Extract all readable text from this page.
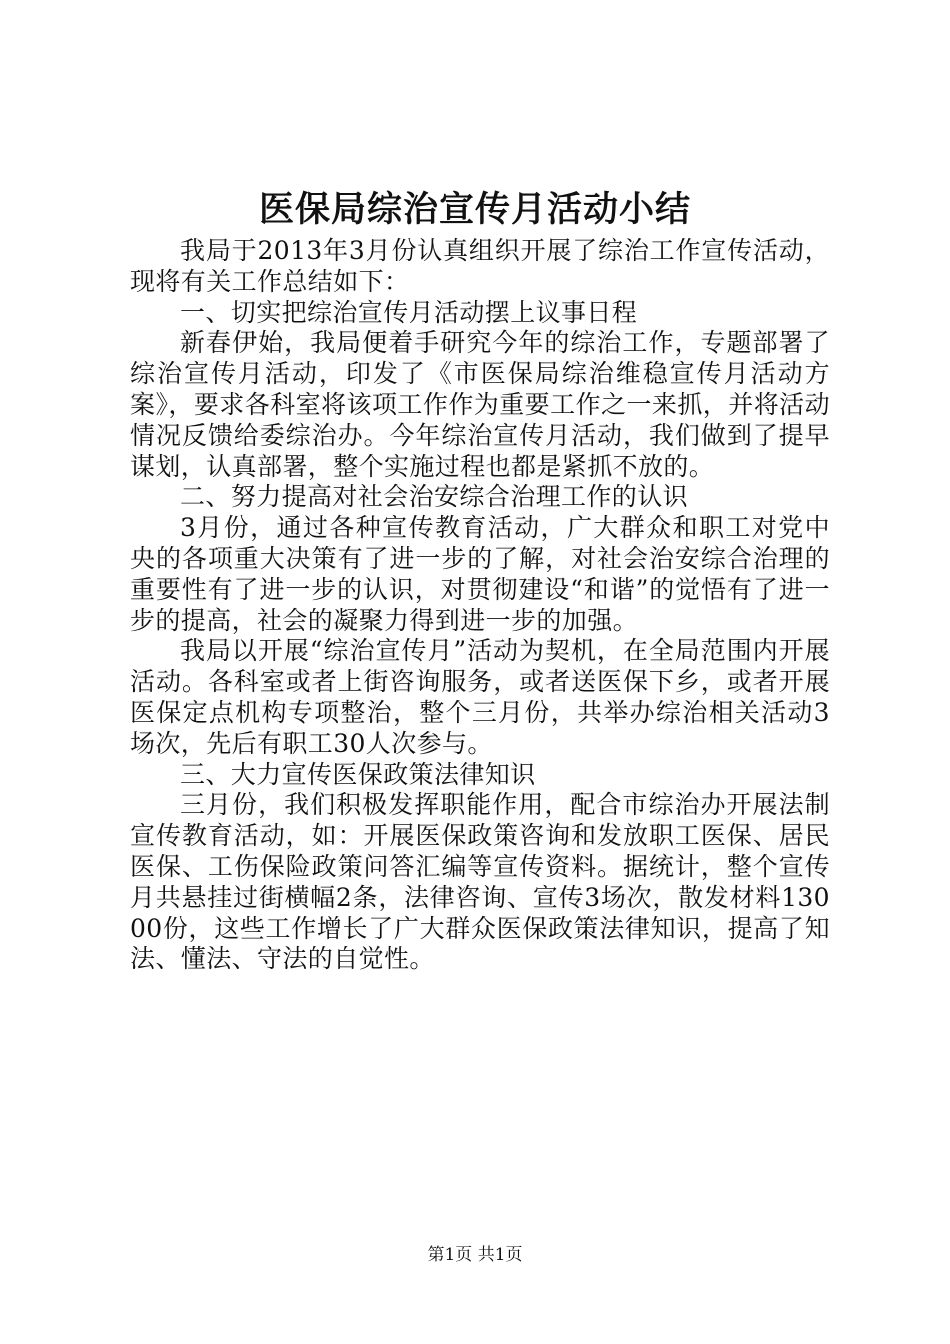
医保局综治宣传月活动小结

我局于2013年3月份认真组织开展了综治工作宣传活动，现将有关工作总结如下：

一、切实把综治宣传月活动摆上议事日程

新春伊始，我局便着手研究今年的综治工作，专题部署了综治宣传月活动，印发了《市医保局综治维稳宣传月活动方案》，要求各科室将该项工作作为重要工作之一来抓，并将活动情况反馈给委综治办。今年综治宣传月活动，我们做到了提早谋划，认真部署，整个实施过程也都是紧抓不放的。

二、努力提高对社会治安综合治理工作的认识

3月份，通过各种宣传教育活动，广大群众和职工对党中央的各项重大决策有了进一步的了解，对社会治安综合治理的重要性有了进一步的认识，对贯彻建设“和谐”的觉悟有了进一步的提高，社会的凝聚力得到进一步的加强。

我局以开展“综治宣传月”活动为契机，在全局范围内开展活动。各科室或者上街咨询服务，或者送医保下乡，或者开展医保定点机构专项整治，整个三月份，共举办综治相关活动3场次，先后有职工30人次参与。

三、大力宣传医保政策法律知识

三月份，我们积极发挥职能作用，配合市综治办开展法制宣传教育活动，如：开展医保政策咨询和发放职工医保、居民医保、工伤保险政策问答汇编等宣传资料。据统计，整个宣传月共悬挂过街横幅2条，法律咨询、宣传3场次，散发材料13000份，这些工作增长了广大群众医保政策法律知识，提高了知法、懂法、守法的自觉性。

第1页 共1页
